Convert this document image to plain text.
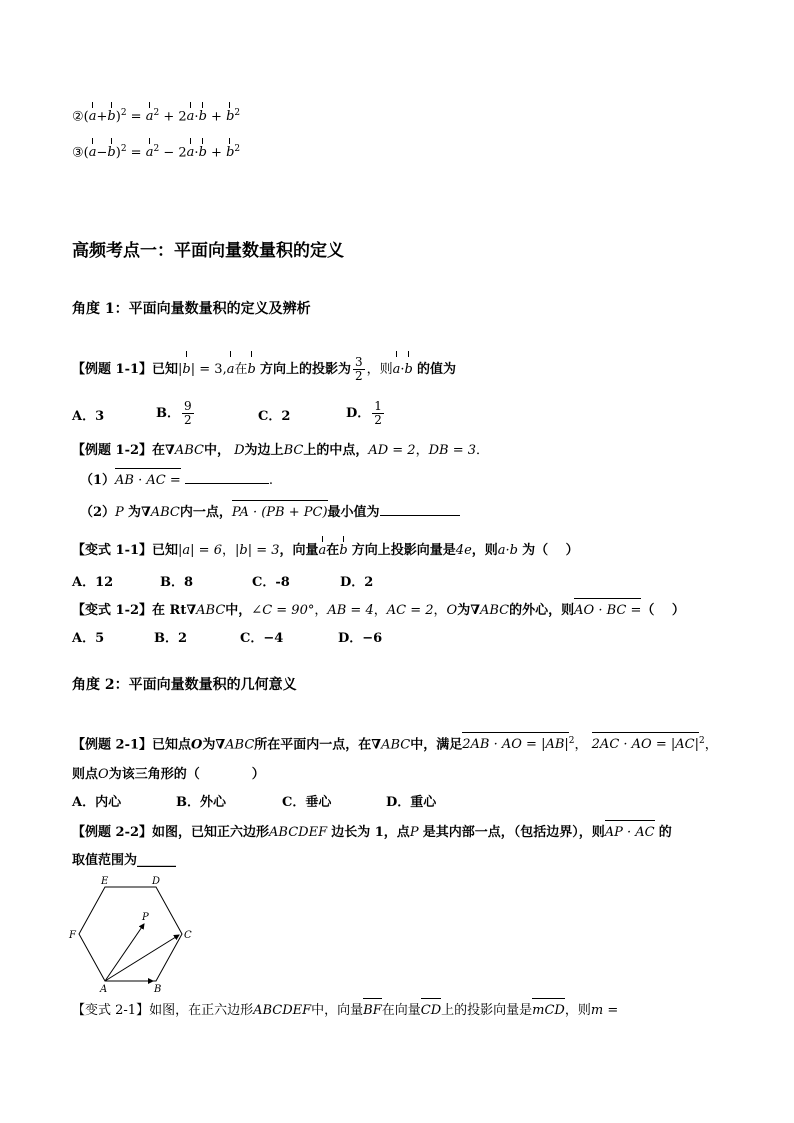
$②(a+b)^2 = a^2 + 2a\cdot b + b^2$
$③(a-b)^2 = a^2 - 2a\cdot b + b^2$
高频考点一：平面向量数量积的定义
角度 1：平面向量数量积的定义及辨析
【例题 1-1】已知|b| = 3,a在b 方向上的投影为 $\frac{3}{2}$ ，则a·b 的值为
A．3	B． $\frac{9}{2}$	C．2	D． $\frac{1}{2}$
【例题 1-2】在∇ABC中， D为边上BC上的中点，AD = 2，DB = 3．
（1）AB · AC =	.
（2）P 为∇ABC内一点，PA · (PB + PC)最小值为
【变式 1-1】已知|a| = 6，|b| = 3，向量a在b 方向上投影向量是4e，则a·b 为（　 ）
A．12	B．8	C．-8	D．2
【变式 1-2】在 Rt∇ABC中，∠C = 90°，AB = 4，AC = 2，O为∇ABC的外心，则AO · BC =（　 ）
A．5	B．2	C．−4	D．−6
角度 2：平面向量数量积的几何意义
【例题 2-1】已知点O为∇ABC所在平面内一点，在∇ABC中，满足2AB · AO = $|AB|^2$， 2AC · AO = $|AC|^2$，
则点O为该三角形的（　　　　）
A．内心	B．外心	C．垂心	D．重心
【例题 2-2】如图，已知正六边形ABCDEF 边长为 1，点P 是其内部一点，（包括边界），则AP · AC 的
取值范围为______
E	D
F	C
A	B
P
【变式 2-1】如图，在正六边形ABCDEF中，向量BF在向量CD上的投影向量是mCD，则m =
